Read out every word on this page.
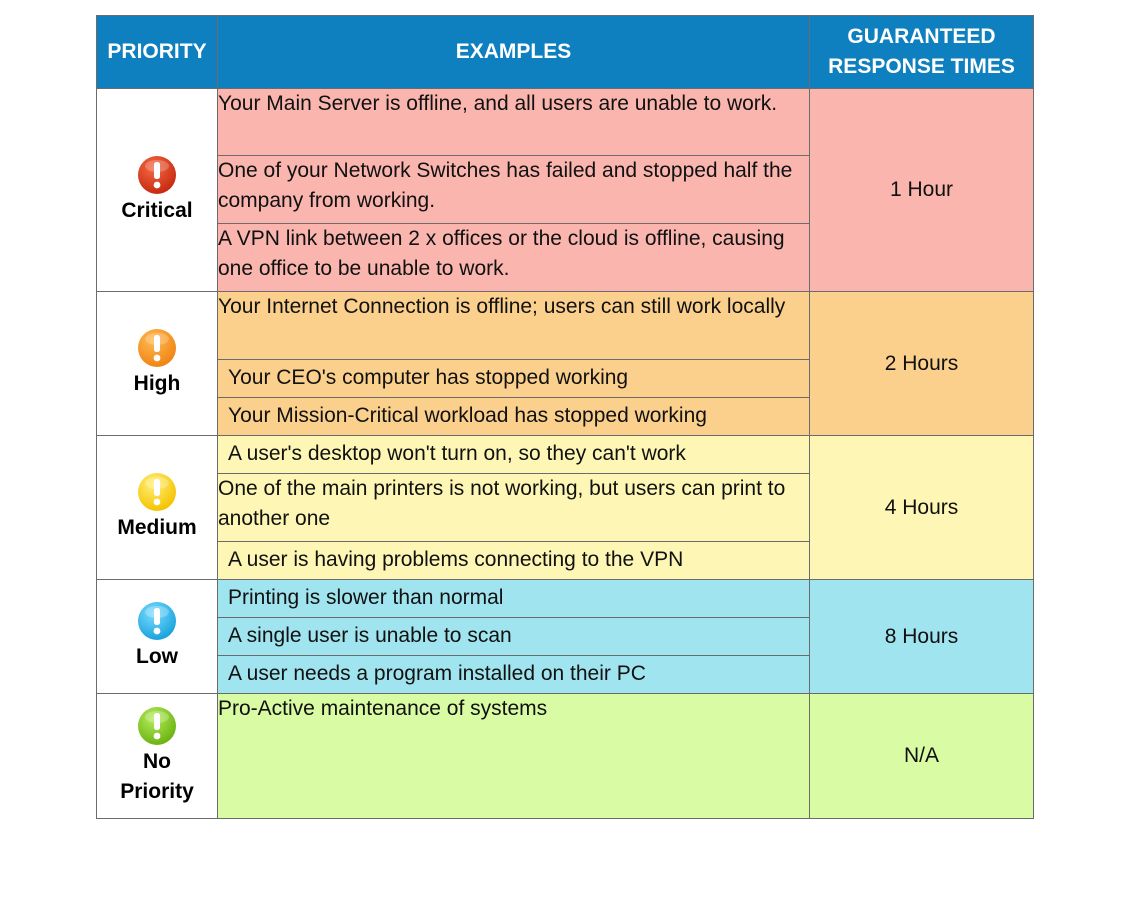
PRIORITY	EXAMPLES	GUARANTEED
RESPONSE TIMES

Critical	Your Main Server is offline, and all users are unable to work.	1 Hour
	One of your Network Switches has failed and stopped half the company from working.	
	A VPN link between 2 x offices or the cloud is offline, causing one office to be unable to work.	

High	Your Internet Connection is offline; users can still work locally	2 Hours
	Your CEO's computer has stopped working	
	Your Mission-Critical workload has stopped working	

Medium	A user's desktop won't turn on, so they can't work	4 Hours
	One of the main printers is not working, but users can print to another one	
	A user is having problems connecting to the VPN	

Low	Printing is slower than normal	8 Hours
	A single user is unable to scan	
	A user needs a program installed on their PC	

No
Priority	Pro-Active maintenance of systems	N/A
